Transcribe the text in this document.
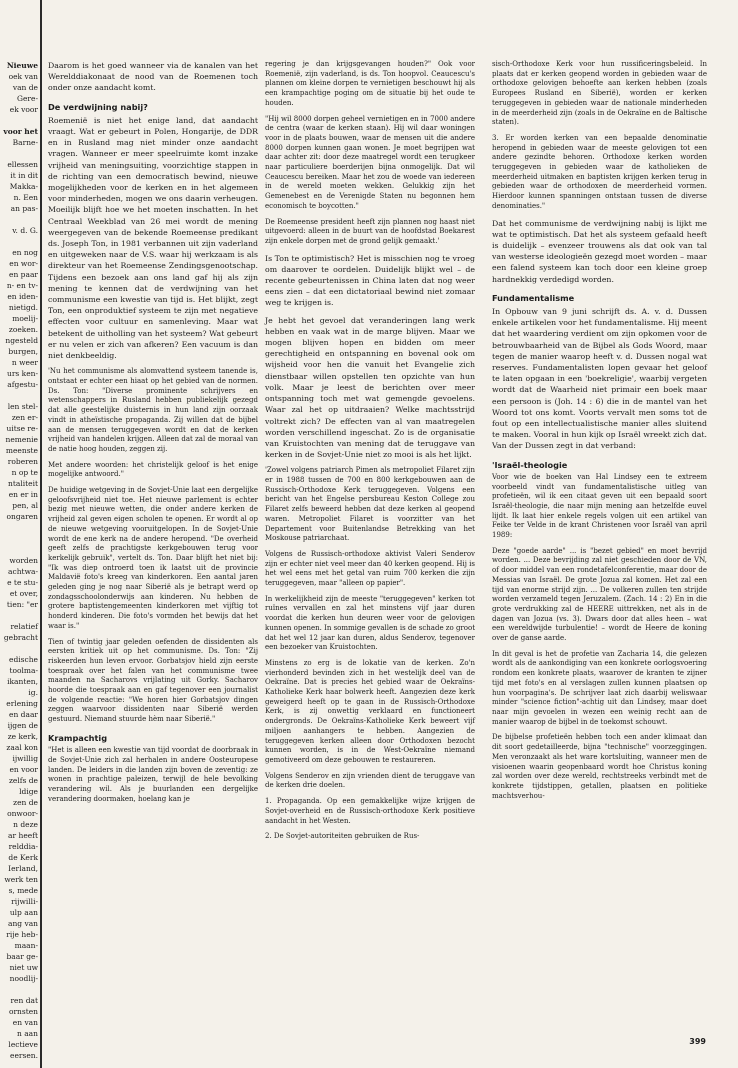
Nieuwe
oek van
van de
Gere-
ek voor

voor het
Barne-

ellessen
it in dit
Makka-
n. Een
an pas-

v. d. G.

en nog
en wor-
en paar
n- en tv-
en iden-
nietigd.
moelij-
zoeken.
ngesteld
burgen,
n weer
urs ken-
afgestu-

len stel-
zen er-
uitse re-
nemenie
meenste
roberen
n op te
ntaliteit
en er in
pen, al
ongaren

worden
achtwa-
e te stu-
et over,
tien: "er

relatief
gebracht

edische
toolma-
ikanten,
ig.
erlening
en daar
ijgen de
ze kerk,
zaal kon
ijwillig
en voor
zelfs de
ldige
zen de
onwoor-
n deze
ar heeft
relddia-
de Kerk
Ierland,
werk ten
s, mede
rijwilli-
ulp aan
ang van
rije heb-
maan-
baar ge-
niet uw
noodlij-

ren dat
ornsten
en van
n aan
lectieve
eersen.
Daarom is het goed wanneer via de kanalen van het Werelddiakonaat de nood van de Roemenen toch onder onze aandacht komt.
De verdwijning nabij?
Roemenië is niet het enige land, dat aandacht vraagt. Wat er gebeurt in Polen, Hongarije, de DDR en in Rusland mag niet minder onze aandacht vragen. Wanneer er meer speelruimte komt inzake vrijheid van meningsuiting, voorzichtige stappen in de richting van een democratisch bewind, nieuwe mogelijkheden voor de kerken en in het algemeen voor minderheden, mogen we ons daarin verheugen. Moeilijk blijft hoe we het moeten inschatten. In het Centraal Weekblad van 26 mei wordt de mening weergegeven van de bekende Roemeense predikant ds. Joseph Ton, in 1981 verbannen uit zijn vaderland en uitgeweken naar de V.S. waar hij werkzaam is als direkteur van het Roemeense Zendingsgenootschap. Tijdens een bezoek aan ons land gaf hij als zijn mening te kennen dat de verdwijning van het communisme een kwestie van tijd is. Het blijkt, zegt Ton, een onproduktief systeem te zijn met negatieve effecten voor cultuur en samenleving. Maar wat betekent de uitholling van het systeem? Wat gebeurt er nu velen er zich van afkeren? Een vacuum is dan niet denkbeeldig.
'Nu het communisme als alomvattend systeem tanende is, ontstaat er echter een hiaat op het gebied van de normen. Ds. Ton: "Diverse prominente schrijvers en wetenschappers in Rusland hebben publiekelijk gezegd dat alle geestelijke duisternis in hun land zijn oorzaak vindt in atheïstische propaganda. Zij willen dat de bijbel aan de mensen teruggegeven wordt en dat de kerken vrijheid van handelen krijgen. Alleen dat zal de moraal van de natie hoog houden, zeggen zij.
Met andere woorden: het christelijk geloof is het enige mogelijke antwoord."
De huidige wetgeving in de Sovjet-Unie laat een dergelijke geloofsvrijheid niet toe. Het nieuwe parlement is echter bezig met nieuwe wetten, die onder andere kerken de vrijheid zal geven eigen scholen te openen. Er wordt al op de nieuwe wetgeving vooruitgelopen. In de Sovjet-Unie wordt de ene kerk na de andere heropend. "De overheid geeft zelfs de prachtigste kerkgebouwen terug voor kerkelijk gebruik", vertelt ds. Ton. Daar blijft het niet bij: "Ik was diep ontroerd toen ik laatst uit de provincie Maldavië foto's kreeg van kinderkoren. Een aantal jaren geleden ging je nog naar Siberië als je betrapt werd op zondagsschoolonderwijs aan kinderen. Nu hebben de grotere baptistengemeenten kinderkoren met vijftig tot honderd kinderen. Die foto's vormden het bewijs dat het waar is."
Tien of twintig jaar geleden oefenden de dissidenten als eersten kritiek uit op het communisme. Ds. Ton: "Zij riskeerden hun leven ervoor. Gorbatsjov hield zijn eerste toespraak over het falen van het communisme twee maanden na Sacharovs vrijlating uit Gorky. Sacharov hoorde die toespraak aan en gaf tegenover een journalist de volgende reactie: "We horen hier Gorbatsjov dingen zeggen waarvoor dissidenten naar Siberië werden gestuurd. Niemand stuurde hèm naar Siberië."
Krampachtig
"Het is alleen een kwestie van tijd voordat de doorbraak in de Sovjet-Unie zich zal herhalen in andere Oosteuropese landen. De leiders in die landen zijn boven de zeventig: ze wonen in prachtige paleizen, terwijl de hele bevolking verandering wil. Als je buurlanden een dergelijke verandering doormaken, hoelang kan je
regering je dan krijgsgevangen houden?" Ook voor Roemenië, zijn vaderland, is ds. Ton hoopvol. Ceaucescu's plannen om kleine dorpen te vernietigen beschouwt hij als een krampachtige poging om de situatie bij het oude te houden.
"Hij wil 8000 dorpen geheel vernietigen en in 7000 andere de centra (waar de kerken staan). Hij wil daar woningen voor in de plaats bouwen, waar de mensen uit die andere 8000 dorpen kunnen gaan wonen. Je moet begrijpen wat daar achter zit: door deze maatregel wordt een terugkeer naar particuliere boerderijen bijna onmogelijk. Dat wil Ceaucescu bereiken. Maar het zou de woede van iedereen in de wereld moeten wekken. Gelukkig zijn het Gemenebest en de Verenigde Staten nu begonnen hem economisch te boycotten."
De Roemeense president heeft zijn plannen nog haast niet uitgevoerd: alleen in de buurt van de hoofdstad Boekarest zijn enkele dorpen met de grond gelijk gemaakt.'
Is Ton te optimistisch? Het is misschien nog te vroeg om daarover te oordelen. Duidelijk blijkt wel – de recente gebeurtenissen in China laten dat nog weer eens zien – dat een dictatoriaal bewind niet zomaar weg te krijgen is.
Je hebt het gevoel dat veranderingen lang werk hebben en vaak wat in de marge blijven. Maar we mogen blijven hopen en bidden om meer gerechtigheid en ontspanning en bovenal ook om wijsheid voor hen die vanuit het Evangelie zich dienstbaar willen opstellen ten opzichte van hun volk. Maar je leest de berichten over meer ontspanning toch met wat gemengde gevoelens. Waar zal het op uitdraaien? Welke machtsstrijd voltrekt zich? De effecten van al van maatregelen worden verschillend ingeschat. Zo is de organisatie van Kruistochten van mening dat de teruggave van kerken in de Sovjet-Unie niet zo mooi is als het lijkt.
'Zowel volgens patriarch Pimen als metropoliet Filaret zijn er in 1988 tussen de 700 en 800 kerkgebouwen aan de Russisch-Orthodoxe Kerk teruggegeven. Volgens een bericht van het Engelse persbureau Keston College zou Filaret zelfs beweerd hebben dat deze kerken al geopend waren. Metropoliet Filaret is voorzitter van het Departement voor Buitenlandse Betrekking van het Moskouse patriarchaat.
Volgens de Russisch-orthodoxe aktivist Valeri Senderov zijn er echter niet veel meer dan 40 kerken geopend. Hij is het wel eens met het getal van ruim 700 kerken die zijn teruggegeven, maar "alleen op papier".
In werkelijkheid zijn de meeste "teruggegeven" kerken tot ruïnes vervallen en zal het minstens vijf jaar duren voordat die kerken hun deuren weer voor de gelovigen kunnen openen. In sommige gevallen is de schade zo groot dat het wel 12 jaar kan duren, aldus Senderov, tegenover een bezoeker van Kruistochten.
Minstens zo erg is de lokatie van de kerken. Zo'n vierhonderd bevinden zich in het westelijk deel van de Oekraïne. Dat is precies het gebied waar de Oekraïns-Katholieke Kerk haar bolwerk heeft. Aangezien deze kerk geweigerd heeft op te gaan in de Russisch-Orthodoxe Kerk, is zij onwettig verklaard en functioneert ondergronds. De Oekraïns-Katholieke Kerk beweert vijf miljoen aanhangers te hebben. Aangezien de teruggegeven kerken alleen door Orthodoxen bezocht kunnen worden, is in de West-Oekraïne niemand gemotiveerd om deze gebouwen te restaureren.
Volgens Senderov en zijn vrienden dient de teruggave van de kerken drie doelen.
1. Propaganda. Op een gemakkelijke wijze krijgen de Sovjet-overheid en de Russisch-orthodoxe Kerk positieve aandacht in het Westen.
2. De Sovjet-autoriteiten gebruiken de Rus-
sisch-Orthodoxe Kerk voor hun russificeringsbeleid. In plaats dat er kerken geopend worden in gebieden waar de orthodoxe gelovigen behoefte aan kerken hebben (zoals Europees Rusland en Siberië), worden er kerken teruggegeven in gebieden waar de nationale minderheden in de meerderheid zijn (zoals in de Oekraïne en de Baltische staten).
3. Er worden kerken van een bepaalde denominatie heropend in gebieden waar de meeste gelovigen tot een andere gezindte behoren. Orthodoxe kerken worden teruggegeven in gebieden waar de katholieken de meerderheid uitmaken en baptisten krijgen kerken terug in gebieden waar de orthodoxen de meerderheid vormen. Hierdoor kunnen spanningen ontstaan tussen de diverse denominaties."
Dat het communisme de verdwijning nabij is lijkt me wat te optimistisch. Dat het als systeem gefaald heeft is duidelijk – evenzeer trouwens als dat ook van tal van westerse ideologieën gezegd moet worden – maar een falend systeem kan toch door een kleine groep hardnekkig verdedigd worden.
Fundamentalisme
In Opbouw van 9 juni schrijft ds. A. v. d. Dussen enkele artikelen voor het fundamentalisme. Hij meent dat het waardering verdient om zijn opkomen voor de betrouwbaarheid van de Bijbel als Gods Woord, maar tegen de manier waarop heeft v. d. Dussen nogal wat reserves. Fundamentalisten lopen gevaar het geloof te laten opgaan in een 'boekreligie', waarbij vergeten wordt dat de Waarheid niet primair een boek maar een persoon is (Joh. 14 : 6) die in de mantel van het Woord tot ons komt. Voorts vervalt men soms tot de fout op een intellectualistische manier alles sluitend te maken. Vooral in hun kijk op Israël wreekt zich dat. Van der Dussen zegt in dat verband:
'Israël-theologie
Voor wie de boeken van Hal Lindsey een te extreem voorbeeld vindt van fundamentalistische uitleg van profetieën, wil ik een citaat geven uit een bepaald soort Israël-theologie, die naar mijn mening aan hetzelfde euvel lijdt. Ik laat hier enkele regels volgen uit een artikel van Feike ter Velde in de krant Christenen voor Israël van april 1989:
Deze "goede aarde" ... is "bezet gebied" en moet bevrijd worden. ... Deze bevrijding zal niet geschieden door de VN, of door middel van een rondetafelconferentie, maar door de Messias van Israël. De grote Jozua zal komen. Het zal een tijd van enorme strijd zijn. ... De volkeren zullen ten strijde worden verzameld tegen Jeruzalem. (Zach. 14 : 2) En in die grote verdrukking zal de HEERE uittrekken, net als in de dagen van Jozua (vs. 3). Dwars door dat alles heen – wat een wereldwijde turbulentie! – wordt de Heere de koning over de ganse aarde.
In dit geval is het de profetie van Zacharia 14, die gelezen wordt als de aankondiging van een konkrete oorlogsvoering rondom een konkrete plaats, waarover de kranten te zijner tijd met foto's en al verslagen zullen kunnen plaatsen op hun voorpagina's. De schrijver laat zich daarbij weliswaar minder "science fiction"-achtig uit dan Lindsey, maar doet naar mijn gevoelen in wezen een weinig recht aan de manier waarop de bijbel in de toekomst schouwt.
De bijbelse profetieën hebben toch een ander klimaat dan dit soort gedetailleerde, bijna "technische" voorzeggingen. Men veronzaakt als het ware kortsluiting, wanneer men de visioenen waarin geopenbaard wordt hoe Christus koning zal worden over deze wereld, rechtstreeks verbindt met de konkrete tijdstippen, getallen, plaatsen en politieke machtsverhou-
399
